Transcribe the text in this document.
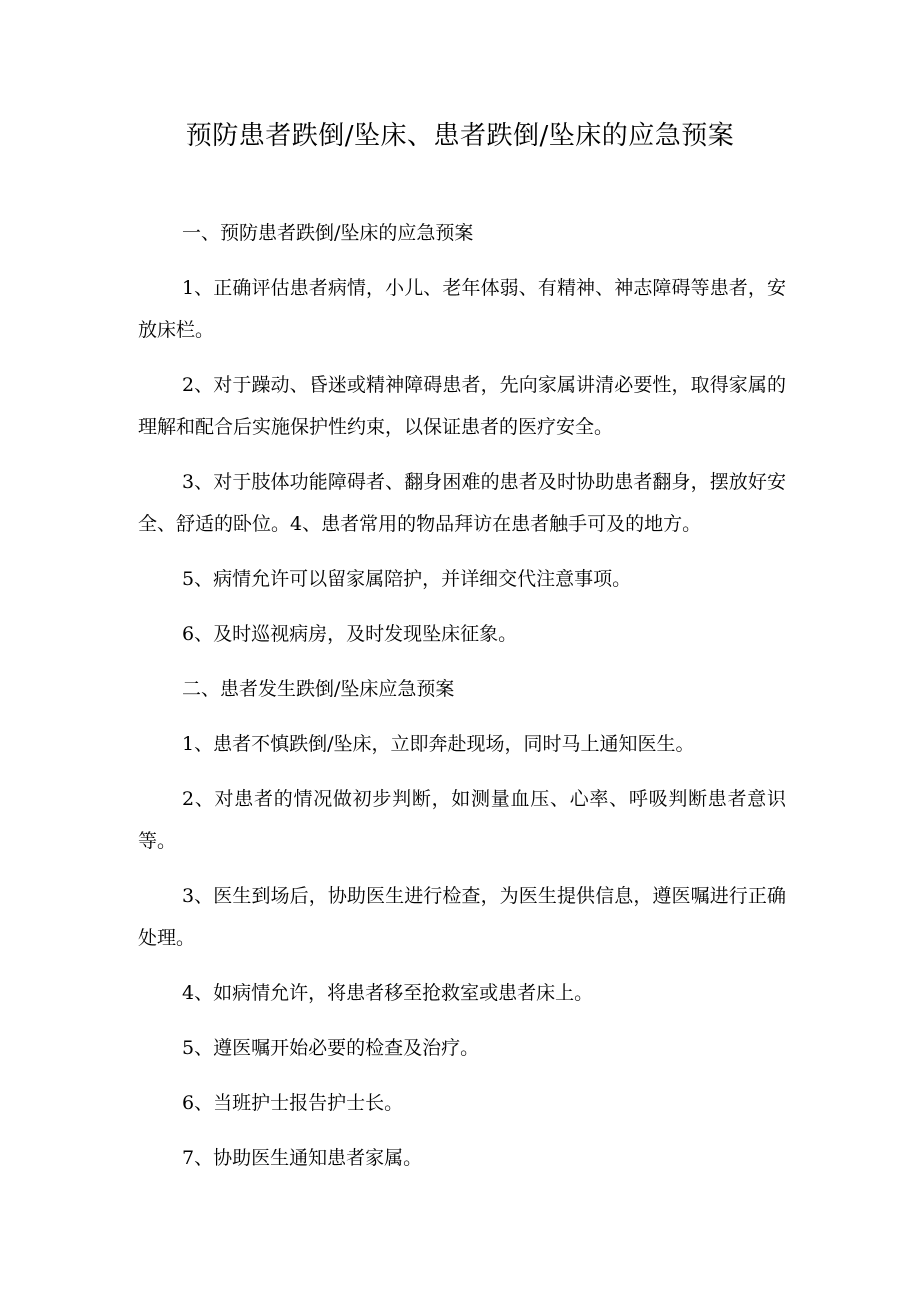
预防患者跌倒/坠床、患者跌倒/坠床的应急预案

一、预防患者跌倒/坠床的应急预案

1、正确评估患者病情，小儿、老年体弱、有精神、神志障碍等患者，安放床栏。

2、对于躁动、昏迷或精神障碍患者，先向家属讲清必要性，取得家属的理解和配合后实施保护性约束，以保证患者的医疗安全。

3、对于肢体功能障碍者、翻身困难的患者及时协助患者翻身，摆放好安全、舒适的卧位。4、患者常用的物品拜访在患者触手可及的地方。

5、病情允许可以留家属陪护，并详细交代注意事项。

6、及时巡视病房，及时发现坠床征象。

二、患者发生跌倒/坠床应急预案

1、患者不慎跌倒/坠床，立即奔赴现场，同时马上通知医生。

2、对患者的情况做初步判断，如测量血压、心率、呼吸判断患者意识等。

3、医生到场后，协助医生进行检查，为医生提供信息，遵医嘱进行正确处理。

4、如病情允许，将患者移至抢救室或患者床上。

5、遵医嘱开始必要的检查及治疗。

6、当班护士报告护士长。

7、协助医生通知患者家属。
